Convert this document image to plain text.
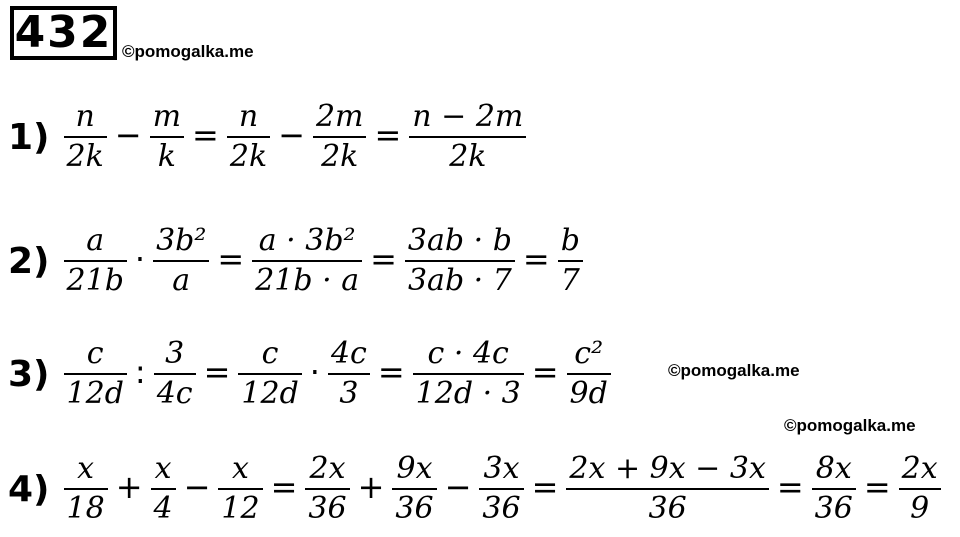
432 ©pomogalka.me
©pomogalka.me
©pomogalka.me
$1) \frac{n}{2k} - \frac{m}{k} = \frac{n}{2k} - \frac{2m}{2k} = \frac{n - 2m}{2k}$
$2) \frac{a}{21b} \cdot \frac{\text{3b²}}{a} = \frac{\text{a · 3b²}}{21b \cdot a} = \frac{3ab \cdot b}{3ab \cdot 7} = \frac{b}{7}$
$3) \frac{c}{12d}$ : $\frac{3}{4c} = \frac{c}{12d} \cdot \frac{4c}{3} = \frac{c \cdot 4c}{12d \cdot 3} = \frac{\text{c²}}{9d}$
$4) \frac{x}{18} + \frac{x}{4} - \frac{x}{12} = \frac{2x}{36} + \frac{9x}{36} - \frac{3x}{36} = \frac{2x + 9x - 3x}{36} = \frac{8x}{36} = \frac{2x}{9}$
